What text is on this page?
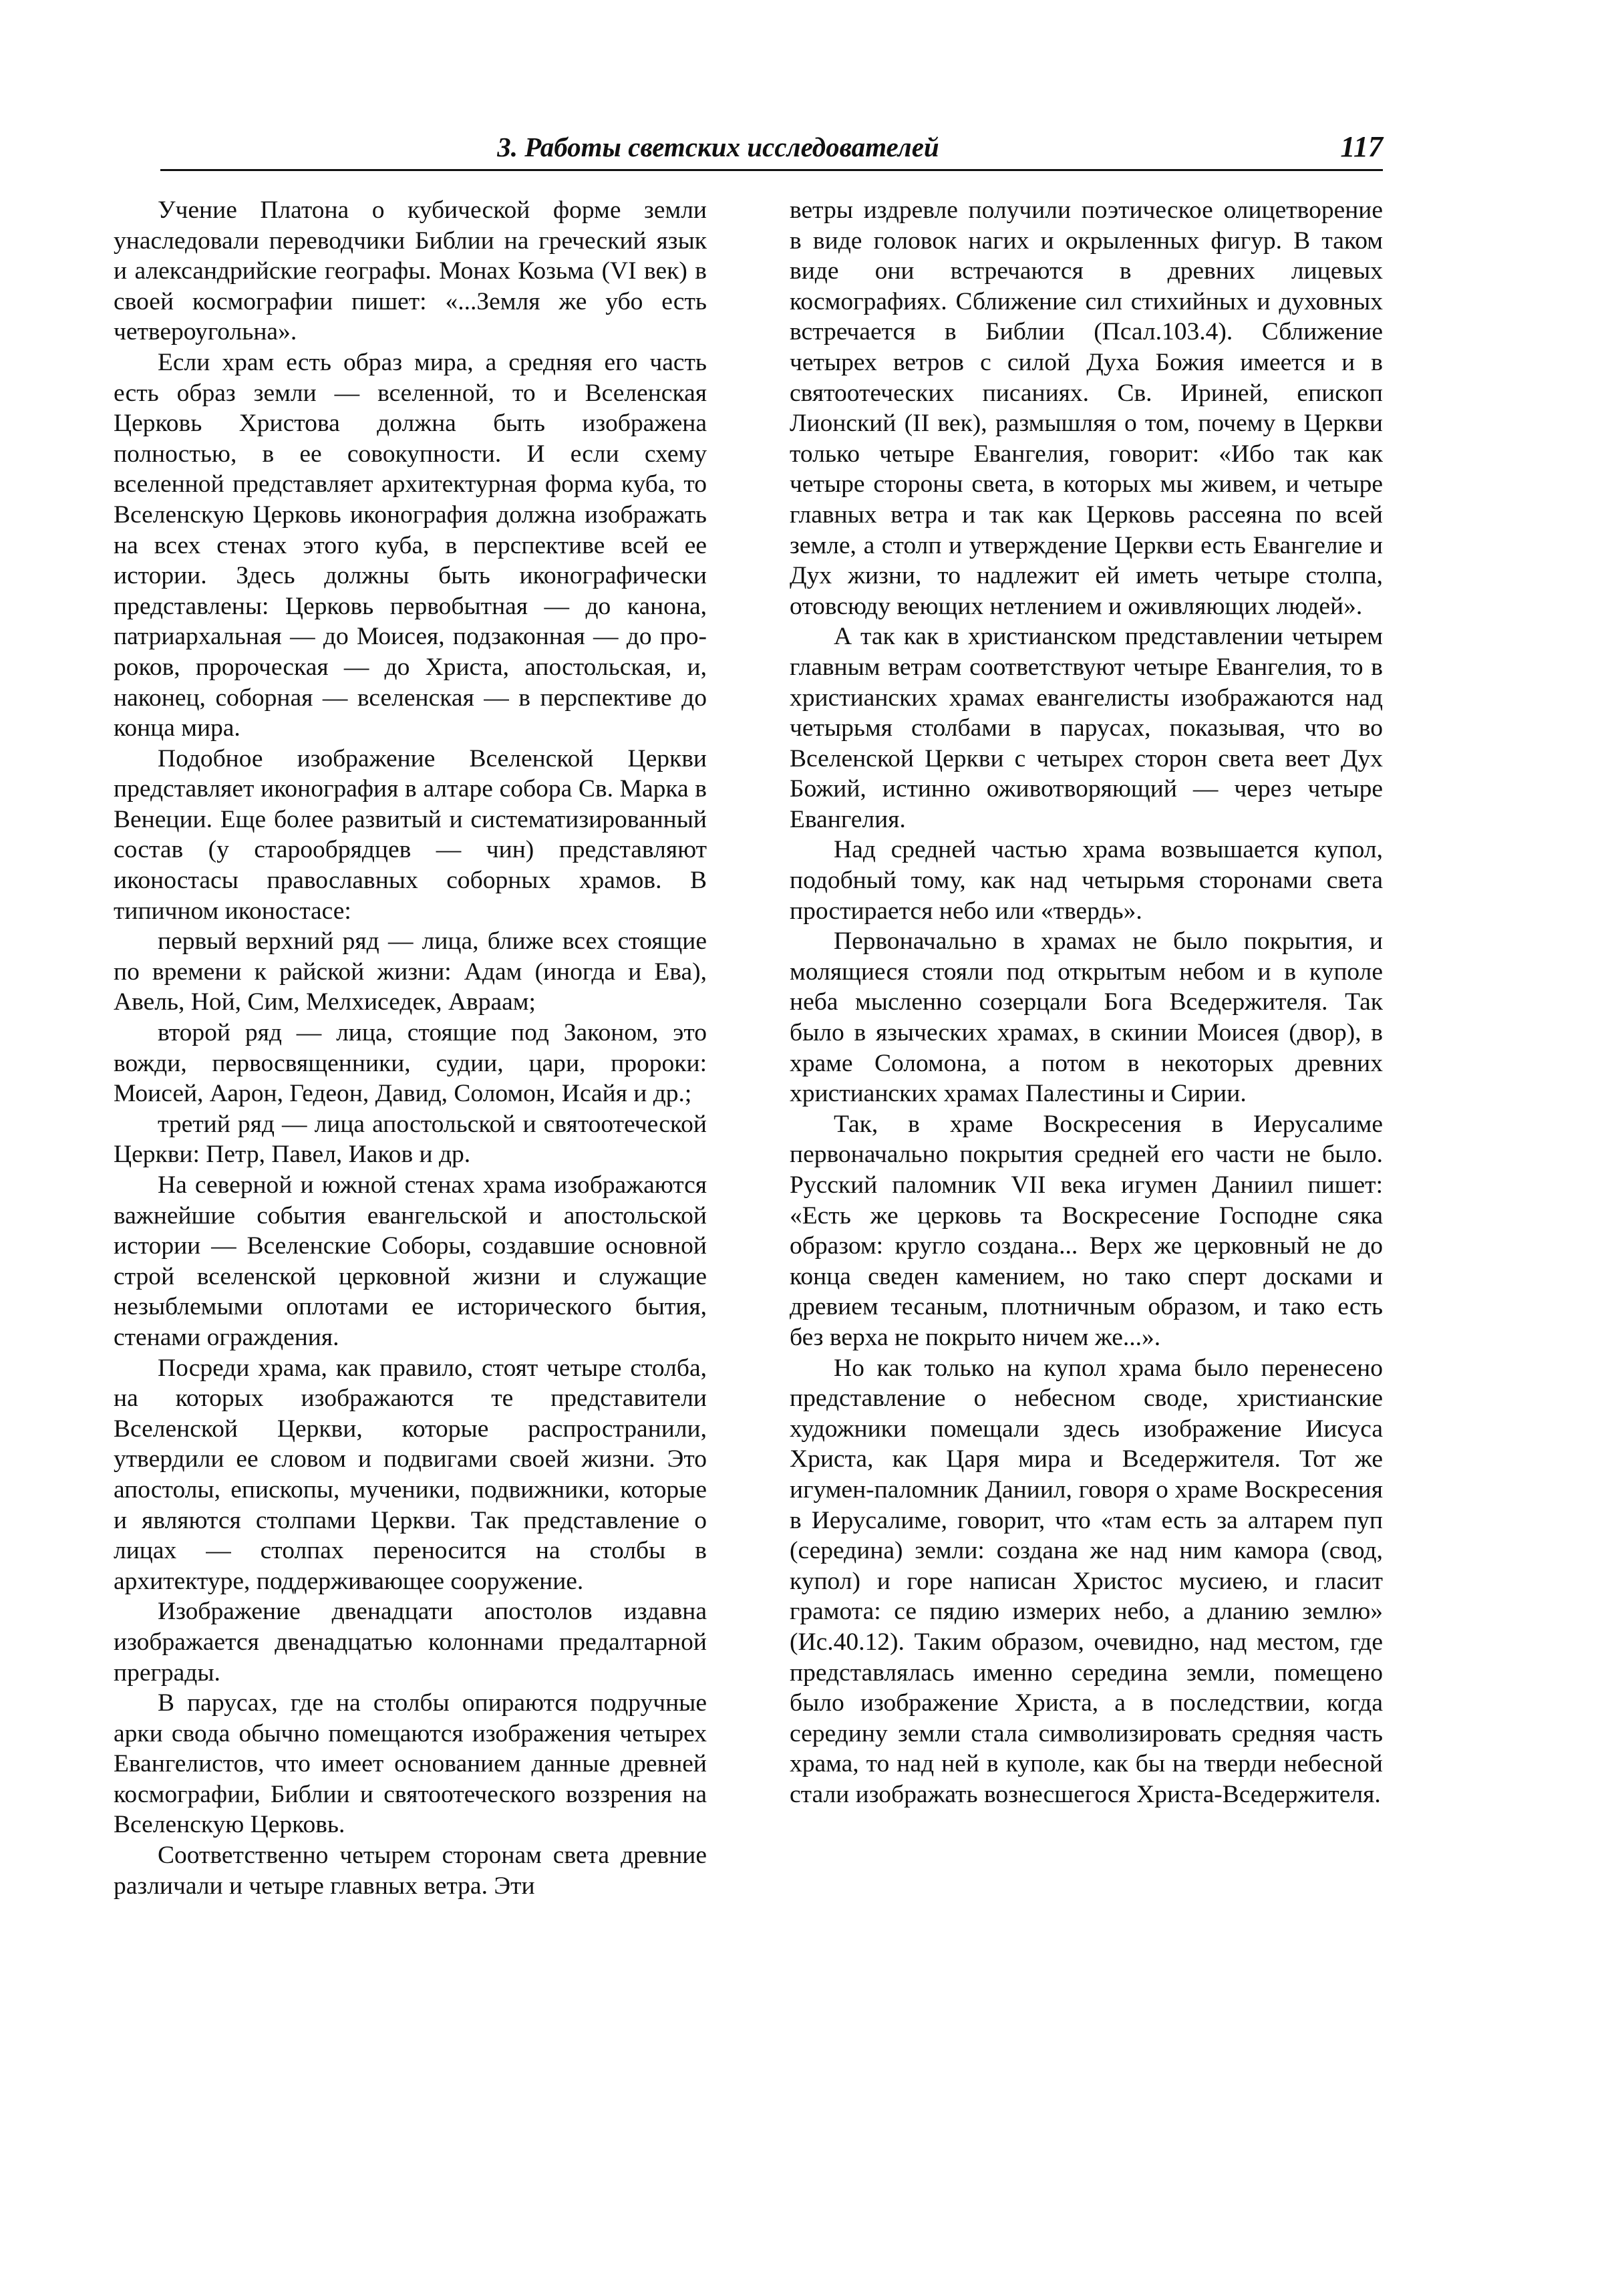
3. Работы светских исследователей	117

Учение Платона о кубической форме земли унаследовали переводчики Библии на греческий язык и александрийские географы. Монах Козьма (VI век) в своей космографии пишет: «...Земля же убо есть четвероугольна».

Если храм есть образ мира, а средняя его часть есть образ земли — вселенной, то и Вселенская Церковь Христова должна быть изображена полностью, в ее совокупности. И если схему вселенной представляет архитектурная форма куба, то Вселенскую Церковь иконография должна изображать на всех стенах этого куба, в перспективе всей ее истории. Здесь должны быть иконографически представлены: Церковь первобытная — до канона, патриархальная — до Моисея, подзаконная — до пророков, пророческая — до Христа, апостольская, и, наконец, соборная — вселенская — в перспективе до конца мира.

Подобное изображение Вселенской Церкви представляет иконография в алтаре собора Св. Марка в Венеции. Еще более развитый и систематизированный состав (у старообрядцев — чин) представляют иконостасы православных соборных храмов. В типичном иконостасе:

первый верхний ряд — лица, ближе всех стоящие по времени к райской жизни: Адам (иногда и Ева), Авель, Ной, Сим, Мелхиседек, Авраам;

второй ряд — лица, стоящие под Законом, это вожди, первосвященники, судии, цари, пророки: Моисей, Аарон, Гедеон, Давид, Соломон, Исайя и др.;

третий ряд — лица апостольской и святоотеческой Церкви: Петр, Павел, Иаков и др.

На северной и южной стенах храма изображаются важнейшие события евангельской и апостольской истории — Вселенские Соборы, создавшие основной строй вселенской церковной жизни и служащие незыблемыми оплотами ее исторического бытия, стенами ограждения.

Посреди храма, как правило, стоят четыре столба, на которых изображаются те представители Вселенской Церкви, которые распространили, утвердили ее словом и подвигами своей жизни. Это апостолы, епископы, мученики, подвижники, которые и являются столпами Церкви. Так представление о лицах — столпах переносится на столбы в архитектуре, поддерживающее сооружение.

Изображение двенадцати апостолов издавна изображается двенадцатью колоннами предалтарной преграды.

В парусах, где на столбы опираются подручные арки свода обычно помещаются изображения четырех Евангелистов, что имеет основанием данные древней космографии, Библии и святоотеческого воззрения на Вселенскую Церковь.

Соответственно четырем сторонам света древние различали и четыре главных ветра. Эти

ветры издревле получили поэтическое олицетворение в виде головок нагих и окрыленных фигур. В таком виде они встречаются в древних лицевых космографиях. Сближение сил стихийных и духовных встречается в Библии (Псал.103.4). Сближение четырех ветров с силой Духа Божия имеется и в святоотеческих писаниях. Св. Ириней, епископ Лионский (II век), размышляя о том, почему в Церкви только четыре Евангелия, говорит: «Ибо так как четыре стороны света, в которых мы живем, и четыре главных ветра и так как Церковь рассеяна по всей земле, а столп и утверждение Церкви есть Евангелие и Дух жизни, то надлежит ей иметь четыре столпа, отовсюду веющих нетлением и оживляющих людей».

А так как в христианском представлении четырем главным ветрам соответствуют четыре Евангелия, то в христианских храмах евангелисты изображаются над четырьмя столбами в парусах, показывая, что во Вселенской Церкви с четырех сторон света веет Дух Божий, истинно оживотворяющий — через четыре Евангелия.

Над средней частью храма возвышается купол, подобный тому, как над четырьмя сторонами света простирается небо или «твердь».

Первоначально в храмах не было покрытия, и молящиеся стояли под открытым небом и в куполе неба мысленно созерцали Бога Вседержителя. Так было в языческих храмах, в скинии Моисея (двор), в храме Соломона, а потом в некоторых древних христианских храмах Палестины и Сирии.

Так, в храме Воскресения в Иерусалиме первоначально покрытия средней его части не было. Русский паломник VII века игумен Даниил пишет: «Есть же церковь та Воскресение Господне сяка образом: кругло создана... Верх же церковный не до конца сведен камением, но тако сперт досками и древием тесаным, плотничным образом, и тако есть без верха не покрыто ничем же...».

Но как только на купол храма было перенесено представление о небесном своде, христианские художники помещали здесь изображение Иисуса Христа, как Царя мира и Вседержителя. Тот же игумен-паломник Даниил, говоря о храме Воскресения в Иерусалиме, говорит, что «там есть за алтарем пуп (середина) земли: создана же над ним камора (свод, купол) и горе написан Христос мусиею, и гласит грамота: се пядию измерих небо, а дланию землю» (Ис.40.12). Таким образом, очевидно, над местом, где представлялась именно середина земли, помещено было изображение Христа, а в последствии, когда середину земли стала символизировать средняя часть храма, то над ней в куполе, как бы на тверди небесной стали изображать вознесшегося Христа-Вседержителя.
